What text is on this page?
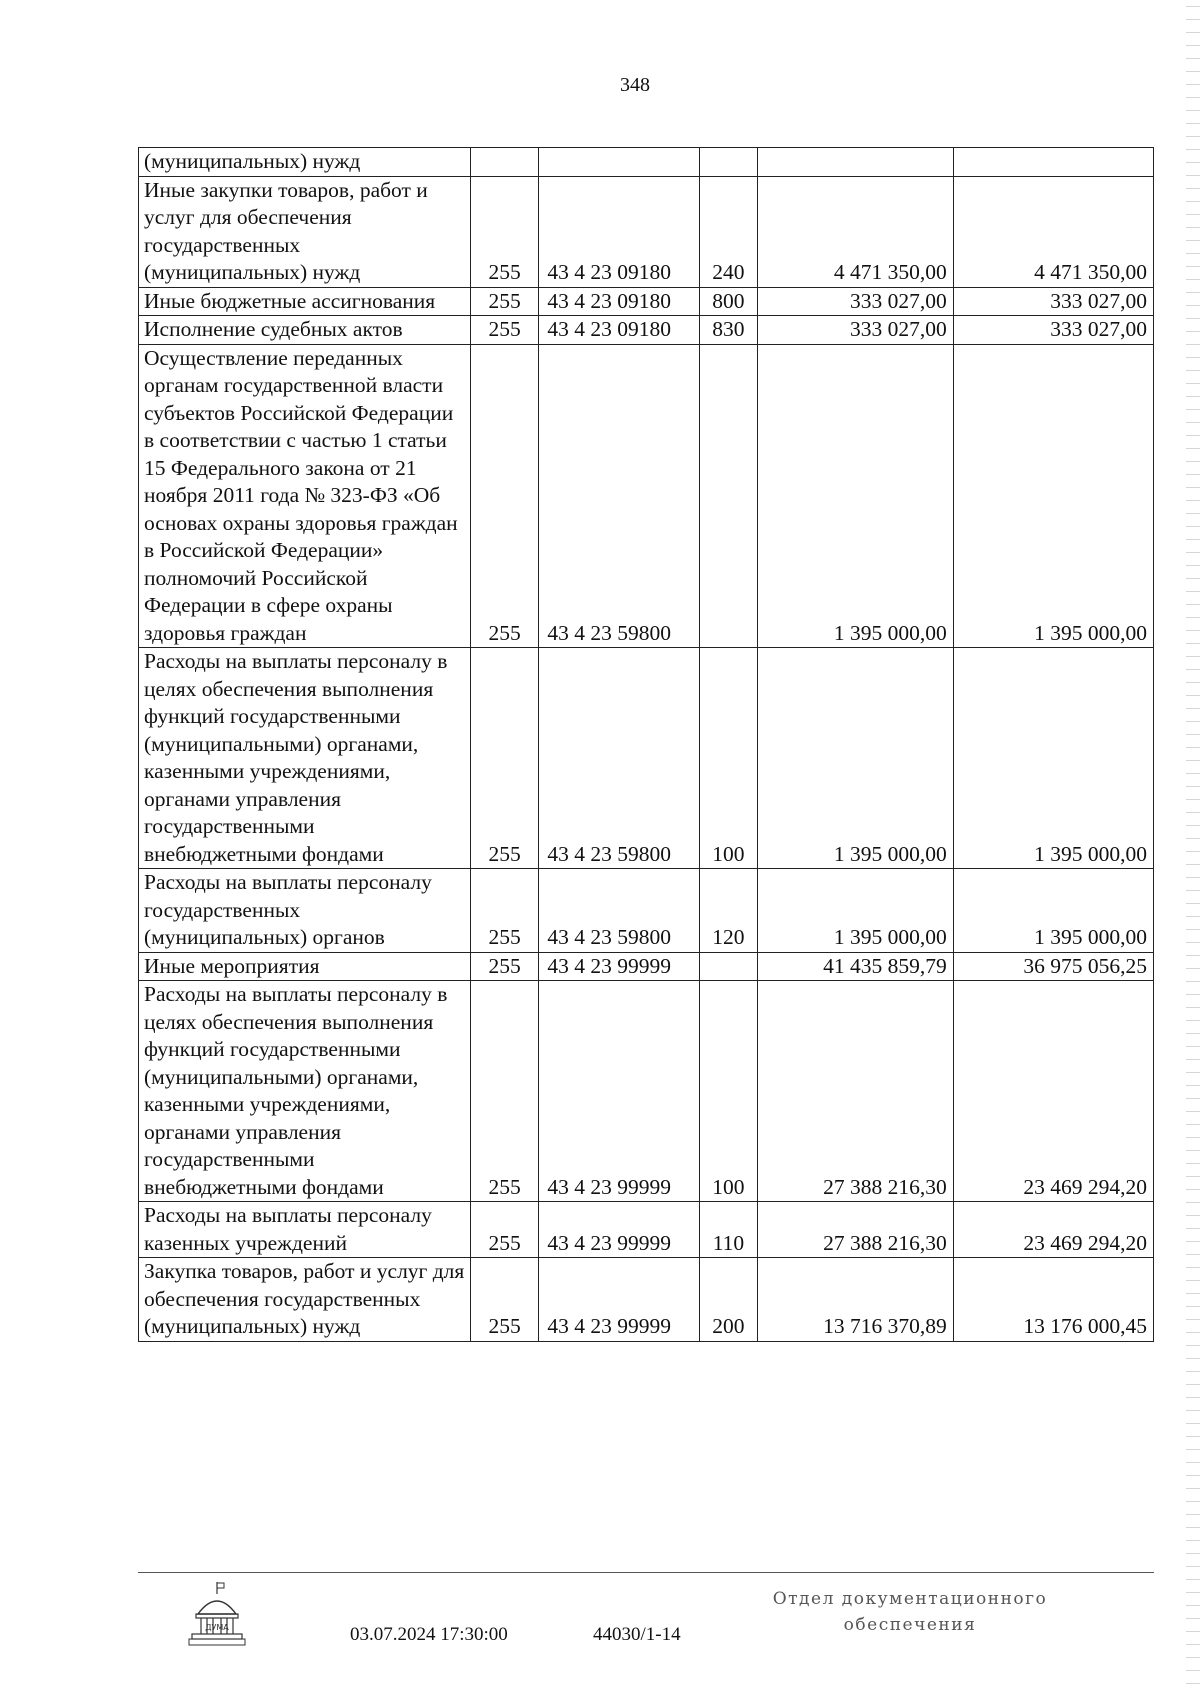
348
(муниципальных) нужд					
Иные закупки товаров, работ и услуг для обеспечения государственных (муниципальных) нужд	255	43 4 23 09180	240	4 471 350,00	4 471 350,00
Иные бюджетные ассигнования	255	43 4 23 09180	800	333 027,00	333 027,00
Исполнение судебных актов	255	43 4 23 09180	830	333 027,00	333 027,00
Осуществление переданных органам государственной власти субъектов Российской Федерации в соответствии с частью 1 статьи 15 Федерального закона от 21 ноября 2011 года № 323-ФЗ «Об основах охраны здоровья граждан в Российской Федерации» полномочий Российской Федерации в сфере охраны здоровья граждан	255	43 4 23 59800		1 395 000,00	1 395 000,00
Расходы на выплаты персоналу в целях обеспечения выполнения функций государственными (муниципальными) органами, казенными учреждениями, органами управления государственными внебюджетными фондами	255	43 4 23 59800	100	1 395 000,00	1 395 000,00
Расходы на выплаты персоналу государственных (муниципальных) органов	255	43 4 23 59800	120	1 395 000,00	1 395 000,00
Иные мероприятия	255	43 4 23 99999		41 435 859,79	36 975 056,25
Расходы на выплаты персоналу в целях обеспечения выполнения функций государственными (муниципальными) органами, казенными учреждениями, органами управления государственными внебюджетными фондами	255	43 4 23 99999	100	27 388 216,30	23 469 294,20
Расходы на выплаты персоналу казенных учреждений	255	43 4 23 99999	110	27 388 216,30	23 469 294,20
Закупка товаров, работ и услуг для обеспечения государственных (муниципальных) нужд	255	43 4 23 99999	200	13 716 370,89	13 176 000,45
ДУМА	03.07.2024 17:30:00	44030/1-14
Отдел документационного
обеспечения
